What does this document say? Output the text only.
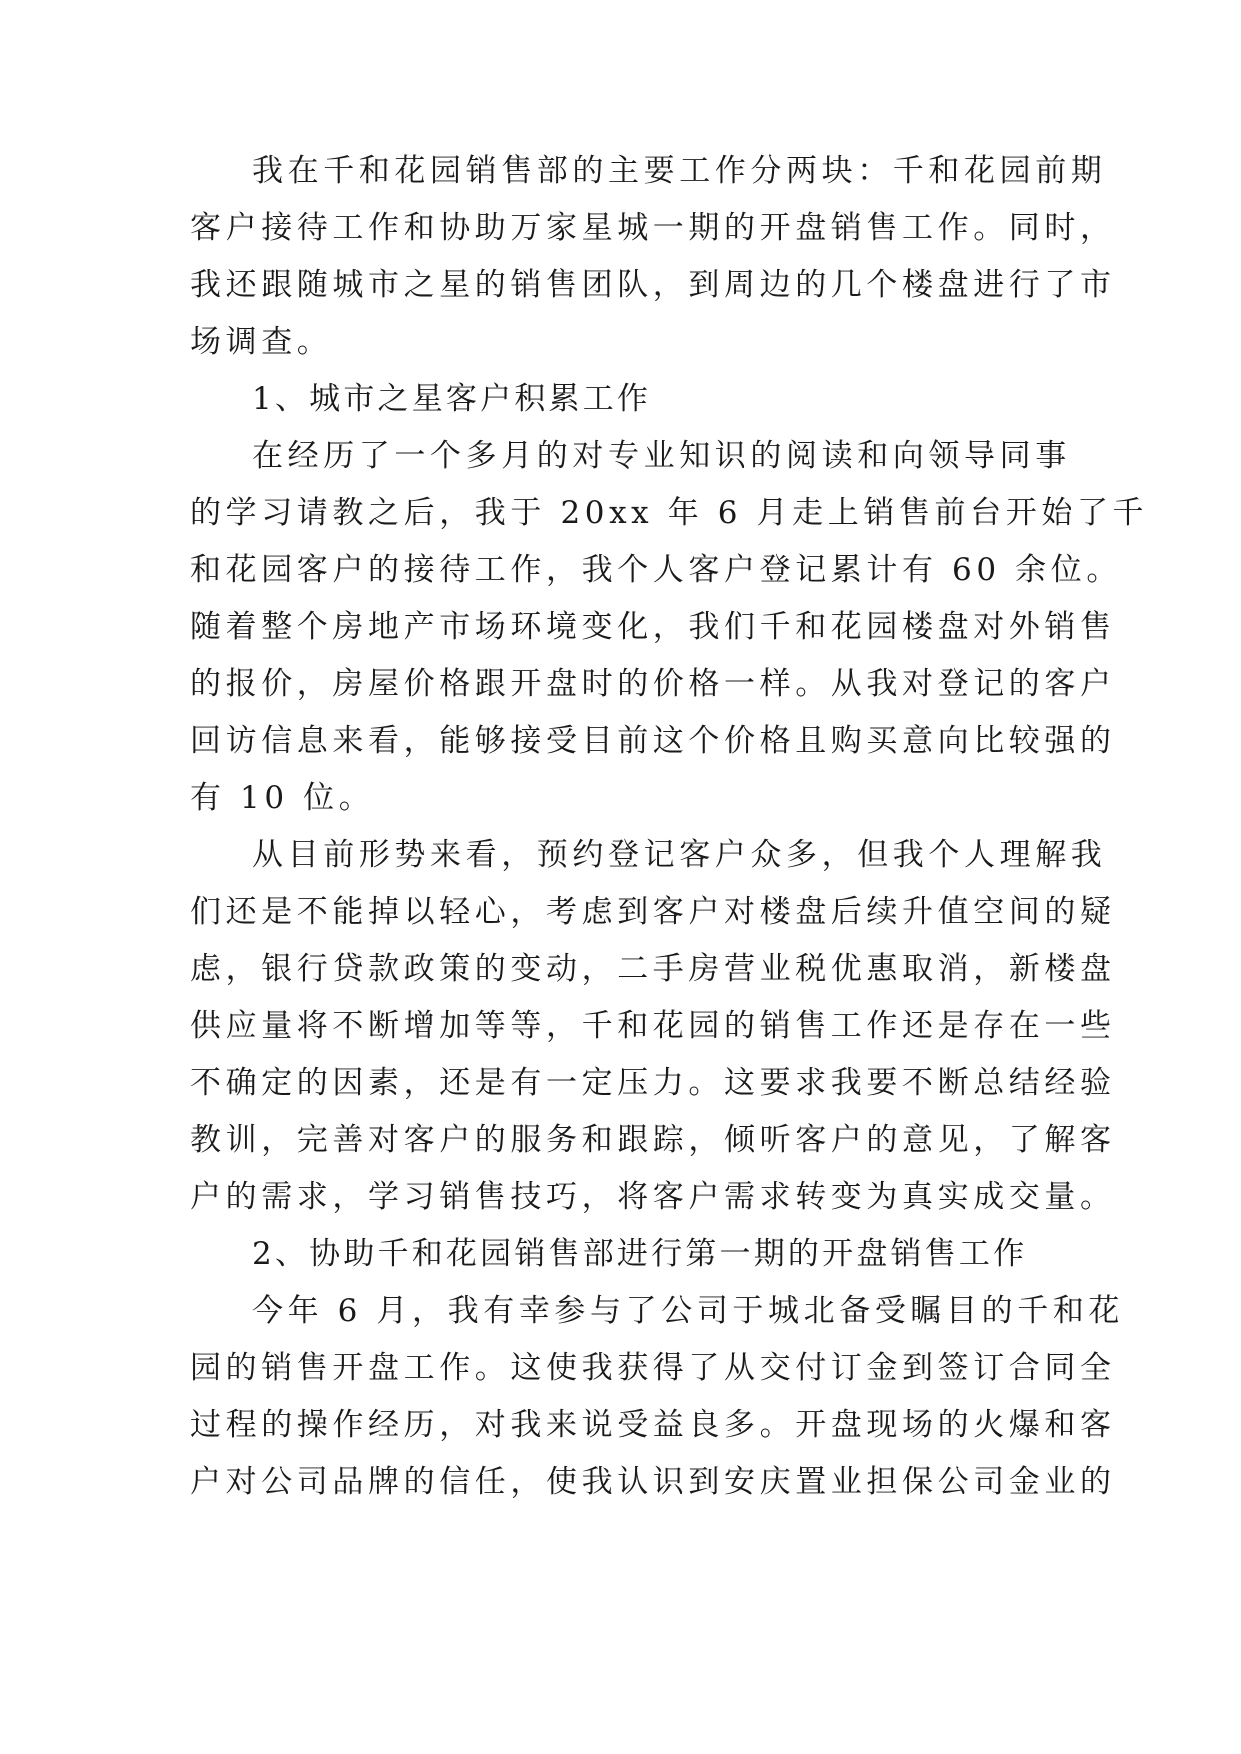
我在千和花园销售部的主要工作分两块：千和花园前期
客户接待工作和协助万家星城一期的开盘销售工作。同时，
我还跟随城市之星的销售团队，到周边的几个楼盘进行了市
场调查。
1、城市之星客户积累工作
在经历了一个多月的对专业知识的阅读和向领导同事
的学习请教之后，我于 20xx 年 6 月走上销售前台开始了千
和花园客户的接待工作，我个人客户登记累计有 60 余位。
随着整个房地产市场环境变化，我们千和花园楼盘对外销售
的报价，房屋价格跟开盘时的价格一样。从我对登记的客户
回访信息来看，能够接受目前这个价格且购买意向比较强的
有 10 位。
从目前形势来看，预约登记客户众多，但我个人理解我
们还是不能掉以轻心，考虑到客户对楼盘后续升值空间的疑
虑，银行贷款政策的变动，二手房营业税优惠取消，新楼盘
供应量将不断增加等等，千和花园的销售工作还是存在一些
不确定的因素，还是有一定压力。这要求我要不断总结经验
教训，完善对客户的服务和跟踪，倾听客户的意见，了解客
户的需求，学习销售技巧，将客户需求转变为真实成交量。
2、协助千和花园销售部进行第一期的开盘销售工作
今年 6 月，我有幸参与了公司于城北备受瞩目的千和花
园的销售开盘工作。这使我获得了从交付订金到签订合同全
过程的操作经历，对我来说受益良多。开盘现场的火爆和客
户对公司品牌的信任，使我认识到安庆置业担保公司金业的
